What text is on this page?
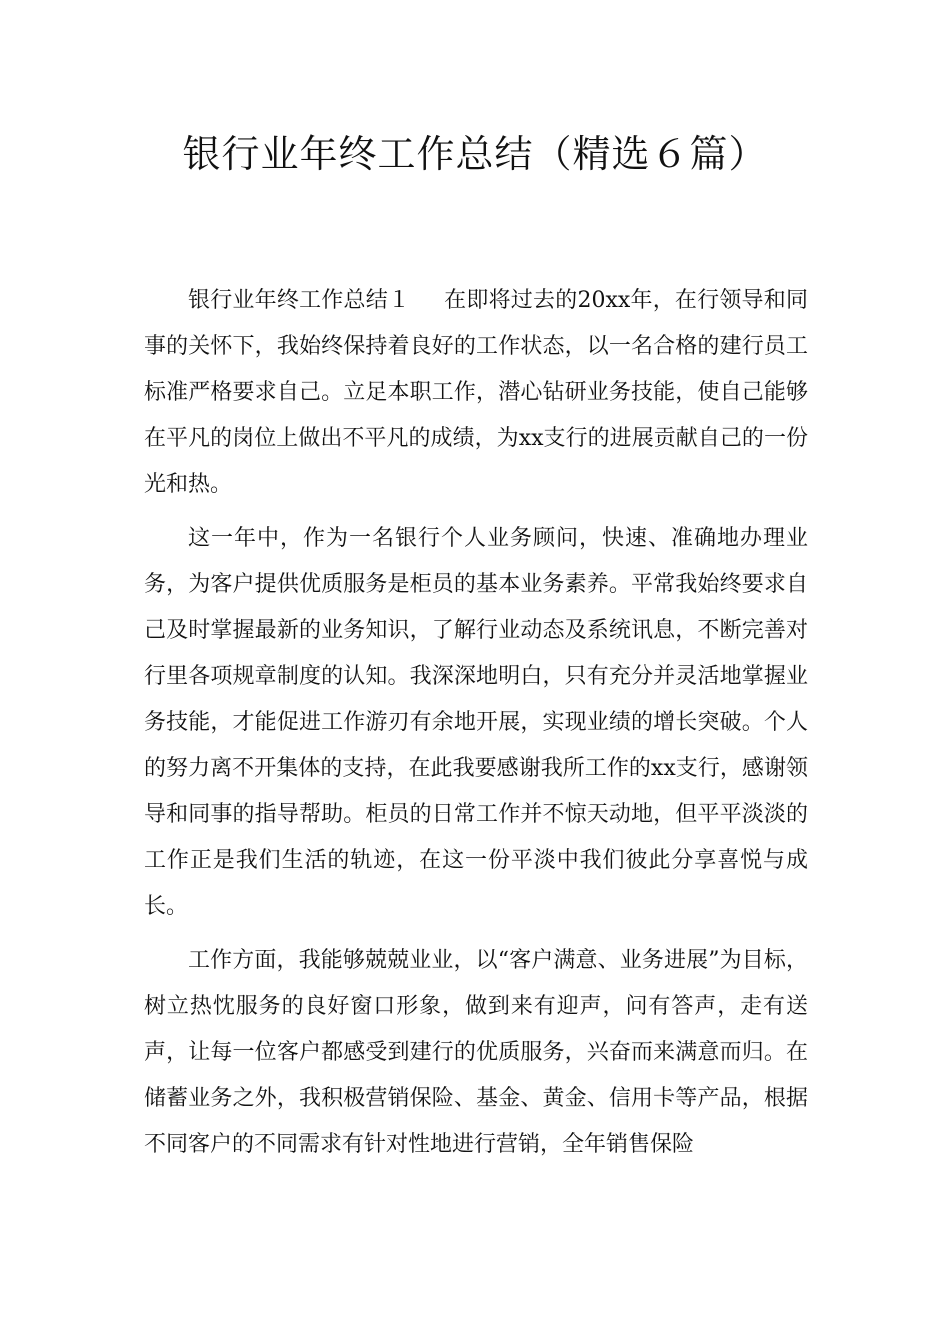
银行业年终工作总结（精选６篇）

银行业年终工作总结１ 在即将过去的20xx年，在行领导和同事的关怀下，我始终保持着良好的工作状态，以一名合格的建行员工标准严格要求自己。立足本职工作，潜心钻研业务技能，使自己能够在平凡的岗位上做出不平凡的成绩，为xx支行的进展贡献自己的一份光和热。

这一年中，作为一名银行个人业务顾问，快速、准确地办理业务，为客户提供优质服务是柜员的基本业务素养。平常我始终要求自己及时掌握最新的业务知识，了解行业动态及系统讯息，不断完善对行里各项规章制度的认知。我深深地明白，只有充分并灵活地掌握业务技能，才能促进工作游刃有余地开展，实现业绩的增长突破。个人的努力离不开集体的支持，在此我要感谢我所工作的xx支行，感谢领导和同事的指导帮助。柜员的日常工作并不惊天动地，但平平淡淡的工作正是我们生活的轨迹，在这一份平淡中我们彼此分享喜悦与成长。

工作方面，我能够兢兢业业，以“客户满意、业务进展”为目标，树立热忱服务的良好窗口形象，做到来有迎声，问有答声，走有送声，让每一位客户都感受到建行的优质服务，兴奋而来满意而归。在储蓄业务之外，我积极营销保险、基金、黄金、信用卡等产品，根据不同客户的不同需求有针对性地进行营销，全年销售保险
